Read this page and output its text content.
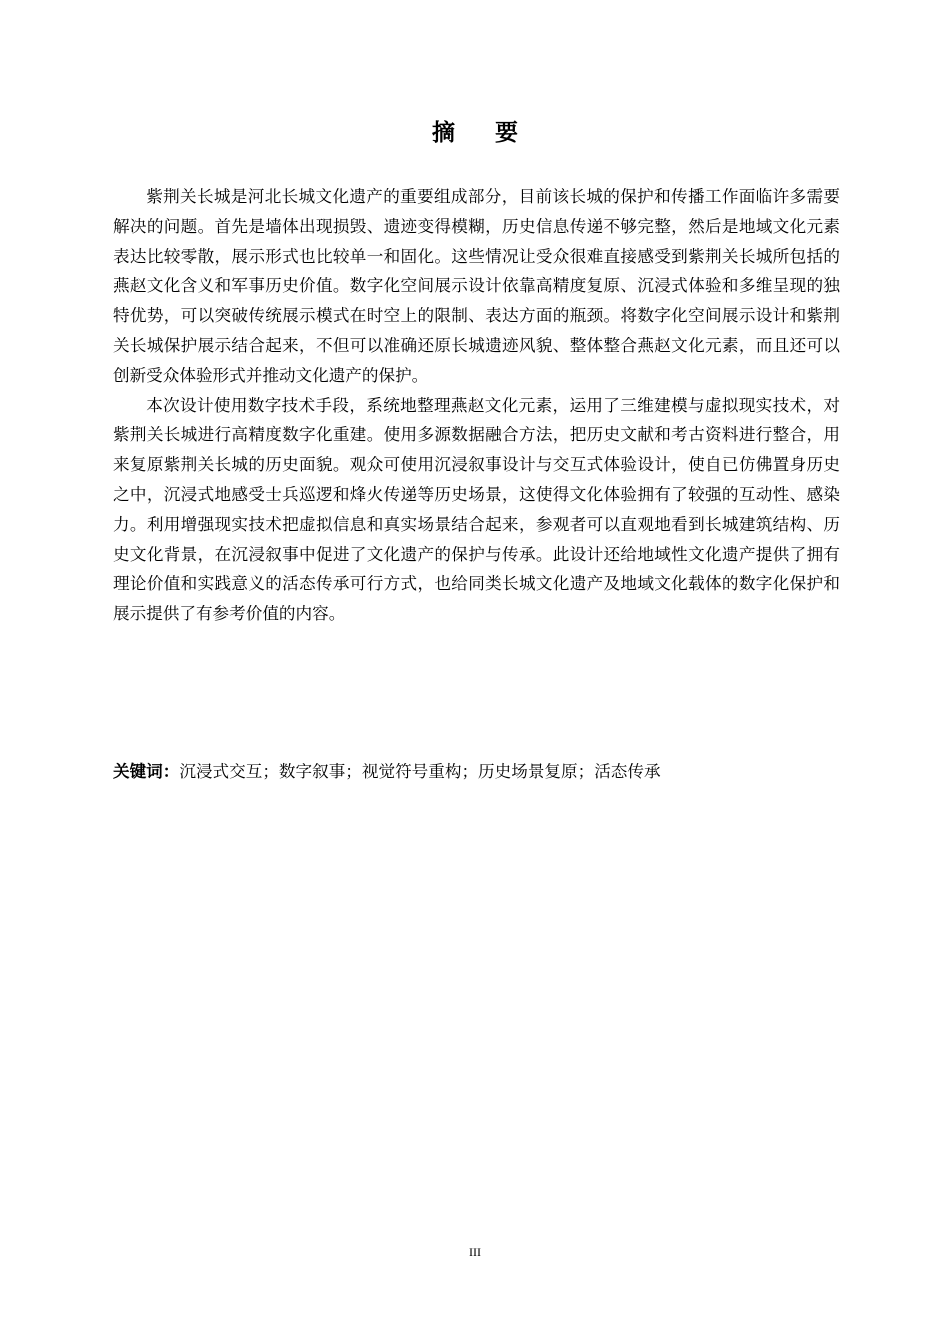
摘 要

紫荆关长城是河北长城文化遗产的重要组成部分，目前该长城的保护和传播工作面临许多需要解决的问题。首先是墙体出现损毁、遗迹变得模糊，历史信息传递不够完整，然后是地域文化元素表达比较零散，展示形式也比较单一和固化。这些情况让受众很难直接感受到紫荆关长城所包括的燕赵文化含义和军事历史价值。数字化空间展示设计依靠高精度复原、沉浸式体验和多维呈现的独特优势，可以突破传统展示模式在时空上的限制、表达方面的瓶颈。将数字化空间展示设计和紫荆关长城保护展示结合起来，不但可以准确还原长城遗迹风貌、整体整合燕赵文化元素，而且还可以创新受众体验形式并推动文化遗产的保护。

本次设计使用数字技术手段，系统地整理燕赵文化元素，运用了三维建模与虚拟现实技术，对紫荆关长城进行高精度数字化重建。使用多源数据融合方法，把历史文献和考古资料进行整合，用来复原紫荆关长城的历史面貌。观众可使用沉浸叙事设计与交互式体验设计，使自已仿佛置身历史之中，沉浸式地感受士兵巡逻和烽火传递等历史场景，这使得文化体验拥有了较强的互动性、感染力。利用增强现实技术把虚拟信息和真实场景结合起来，参观者可以直观地看到长城建筑结构、历史文化背景，在沉浸叙事中促进了文化遗产的保护与传承。此设计还给地域性文化遗产提供了拥有理论价值和实践意义的活态传承可行方式，也给同类长城文化遗产及地域文化载体的数字化保护和展示提供了有参考价值的内容。

关键词：沉浸式交互；数字叙事；视觉符号重构；历史场景复原；活态传承
III
